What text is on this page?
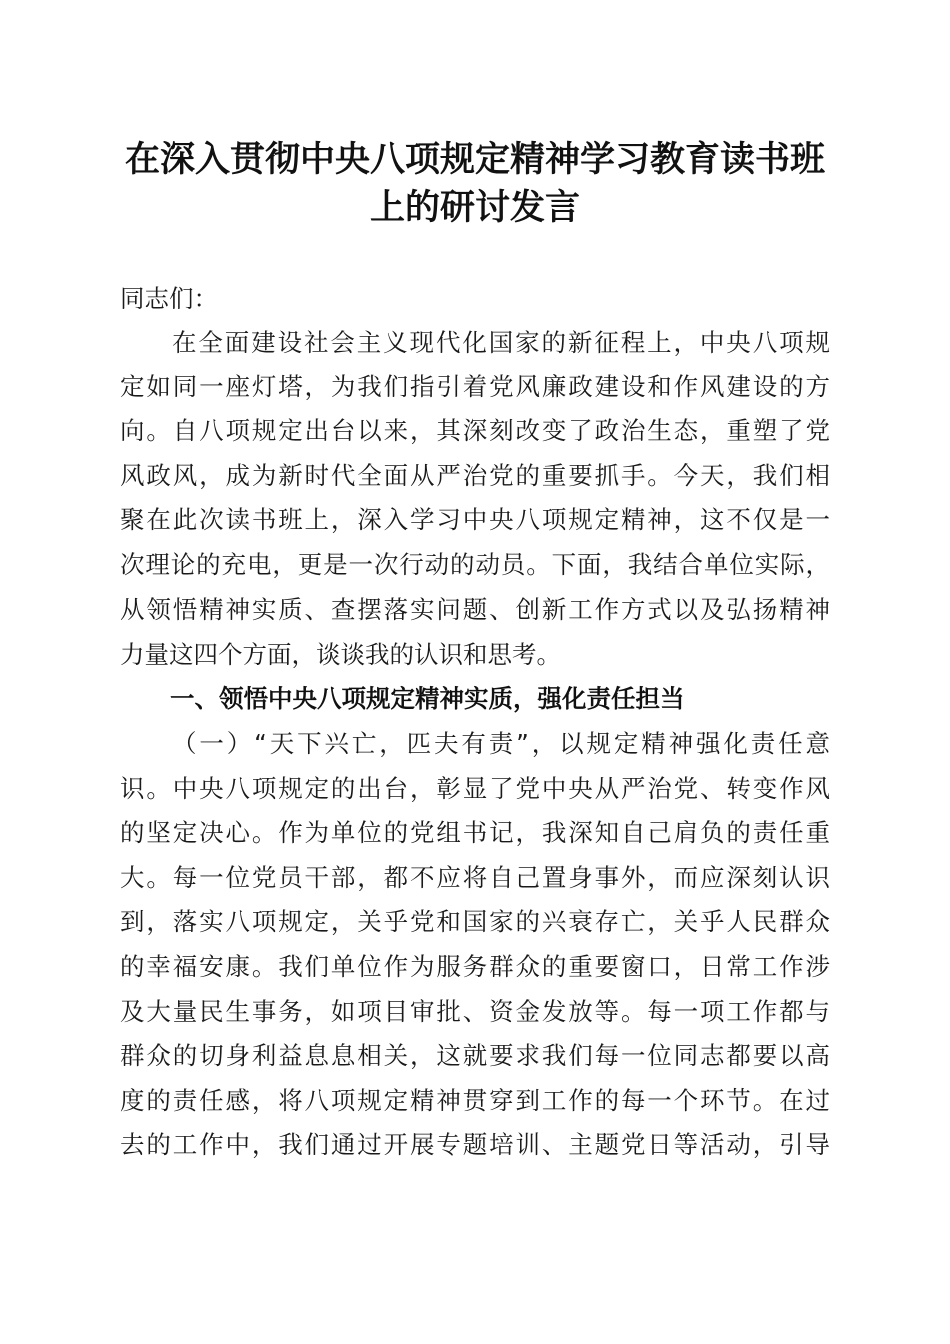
在深入贯彻中央八项规定精神学习教育读书班
上的研讨发言
同志们：
在全面建设社会主义现代化国家的新征程上，中央八项规
定如同一座灯塔，为我们指引着党风廉政建设和作风建设的方
向。自八项规定出台以来，其深刻改变了政治生态，重塑了党
风政风，成为新时代全面从严治党的重要抓手。今天，我们相
聚在此次读书班上，深入学习中央八项规定精神，这不仅是一
次理论的充电，更是一次行动的动员。下面，我结合单位实际，
从领悟精神实质、查摆落实问题、创新工作方式以及弘扬精神
力量这四个方面，谈谈我的认识和思考。
一、领悟中央八项规定精神实质，强化责任担当
（一）“天下兴亡，匹夫有责”，以规定精神强化责任意
识。中央八项规定的出台，彰显了党中央从严治党、转变作风
的坚定决心。作为单位的党组书记，我深知自己肩负的责任重
大。每一位党员干部，都不应将自己置身事外，而应深刻认识
到，落实八项规定，关乎党和国家的兴衰存亡，关乎人民群众
的幸福安康。我们单位作为服务群众的重要窗口，日常工作涉
及大量民生事务，如项目审批、资金发放等。每一项工作都与
群众的切身利益息息相关，这就要求我们每一位同志都要以高
度的责任感，将八项规定精神贯穿到工作的每一个环节。在过
去的工作中，我们通过开展专题培训、主题党日等活动，引导
